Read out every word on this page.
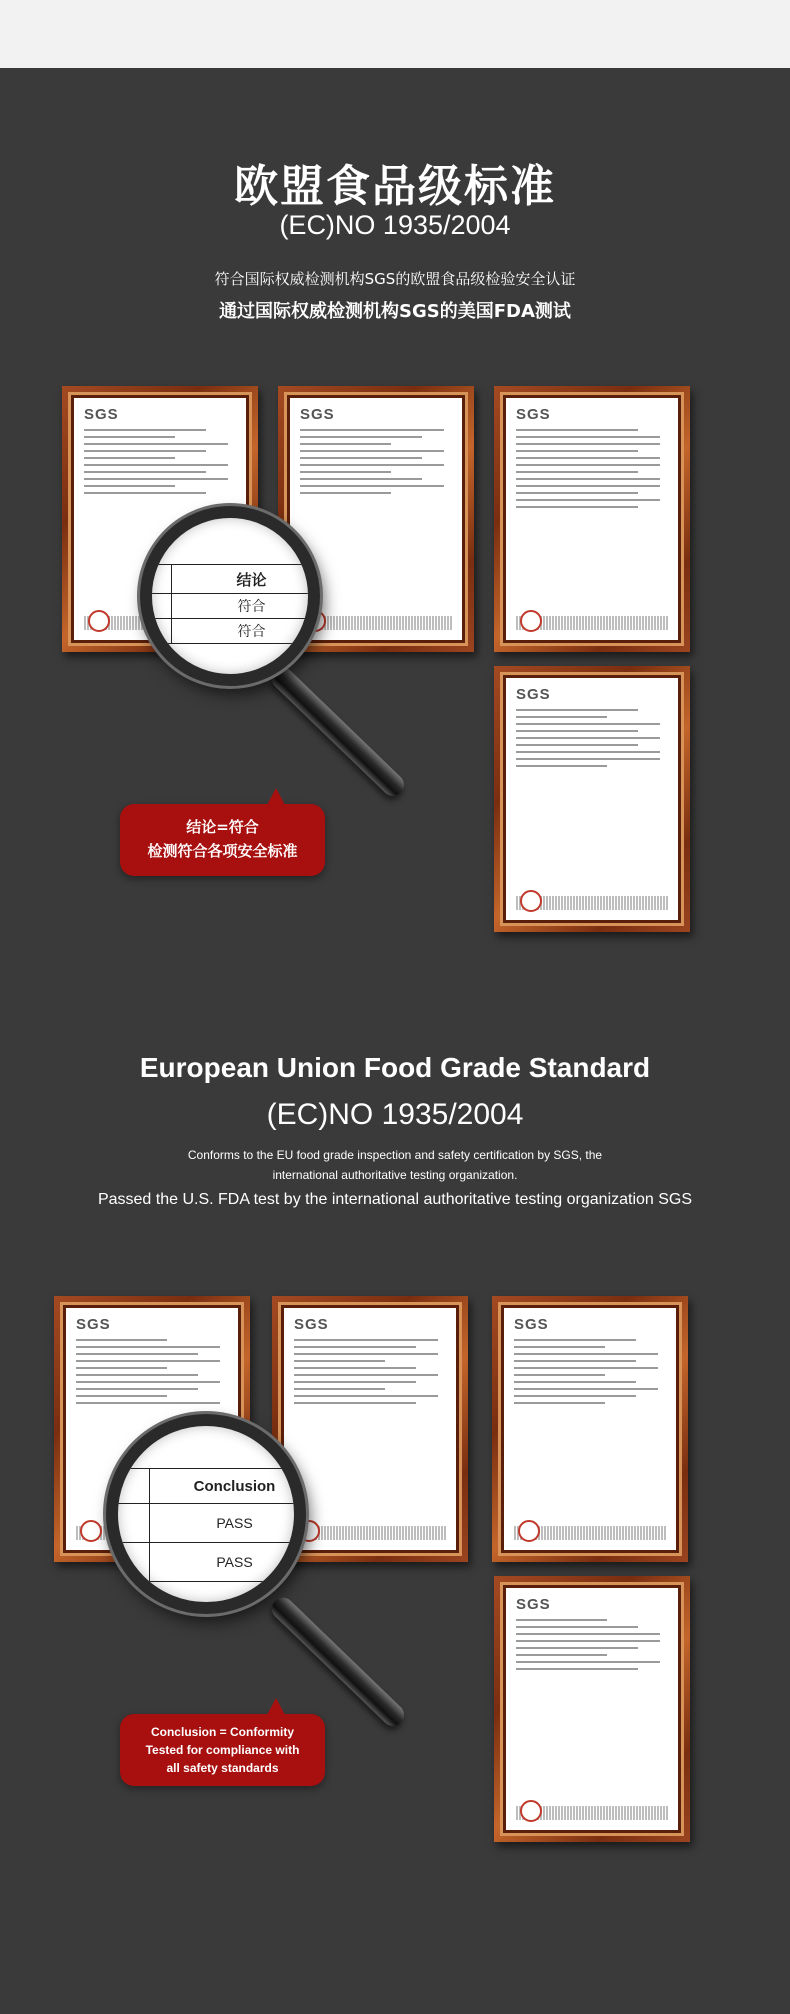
欧盟食品级标准
(EC)NO 1935/2004
符合国际权威检测机构SGS的欧盟食品级检验安全认证
通过国际权威检测机构SGS的美国FDA测试
SGS	SGS	SGS
SGS
	结论
	符合
	符合
结论=符合
检测符合各项安全标准
European Union Food Grade Standard
(EC)NO 1935/2004
Conforms to the EU food grade inspection and safety certification by SGS, the international authoritative testing organization.
Passed the U.S. FDA test by the international authoritative testing organization SGS
SGS	SGS	SGS
SGS
	Conclusion
	PASS
	PASS
Conclusion = Conformity
Tested for compliance with
all safety standards
